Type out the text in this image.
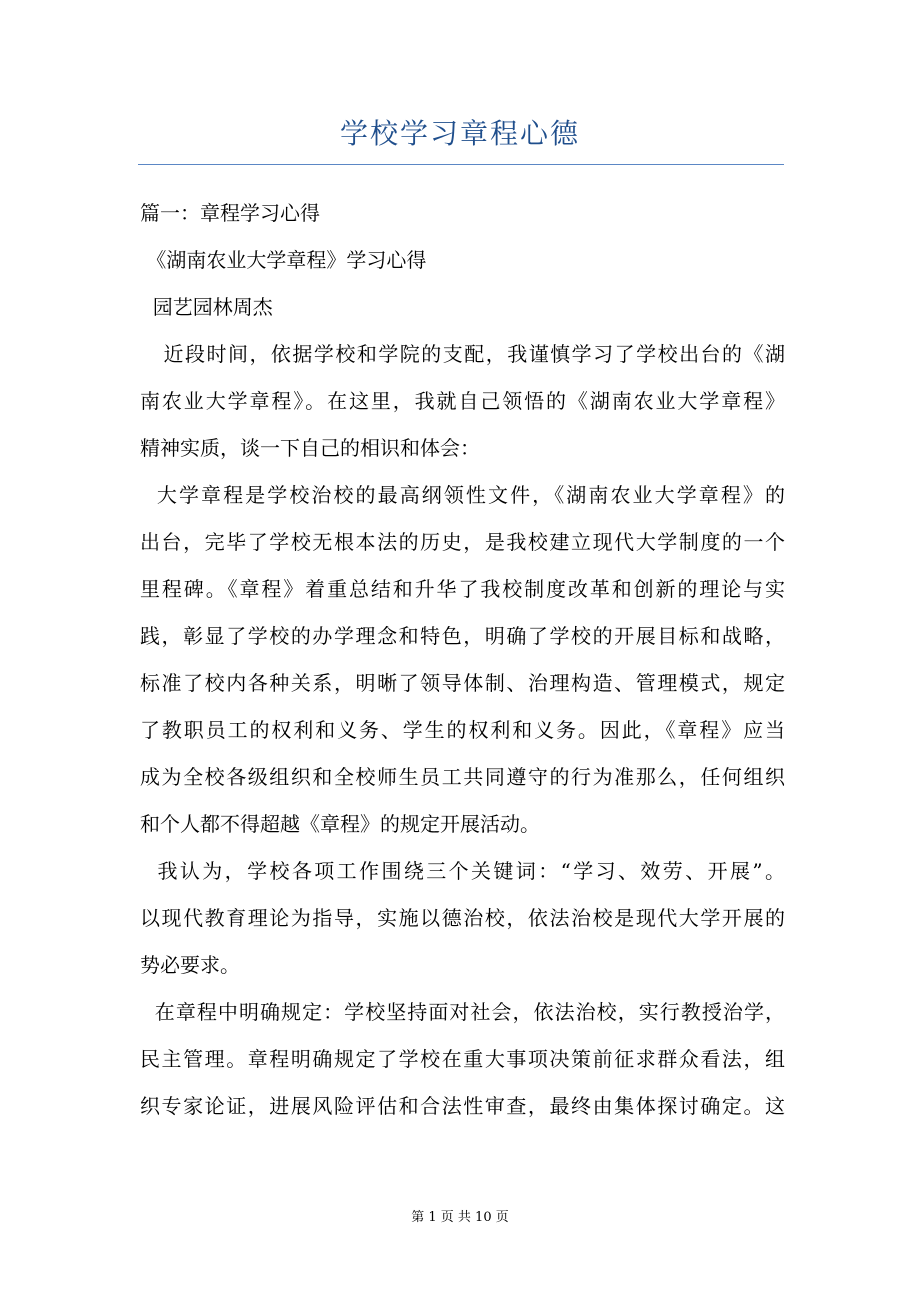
学校学习章程心德
篇一：章程学习心得
《湖南农业大学章程》学习心得
园艺园林周杰
近段时间，依据学校和学院的支配，我谨慎学习了学校出台的《湖
南农业大学章程》。在这里，我就自己领悟的《湖南农业大学章程》
精神实质，谈一下自己的相识和体会：
大学章程是学校治校的最高纲领性文件，《湖南农业大学章程》的
出台，完毕了学校无根本法的历史，是我校建立现代大学制度的一个
里程碑。《章程》着重总结和升华了我校制度改革和创新的理论与实
践，彰显了学校的办学理念和特色，明确了学校的开展目标和战略，
标准了校内各种关系，明晰了领导体制、治理构造、管理模式，规定
了教职员工的权利和义务、学生的权利和义务。因此，《章程》应当
成为全校各级组织和全校师生员工共同遵守的行为准那么，任何组织
和个人都不得超越《章程》的规定开展活动。
我认为，学校各项工作围绕三个关键词：“学习、效劳、开展”。
以现代教育理论为指导，实施以德治校，依法治校是现代大学开展的
势必要求。
在章程中明确规定：学校坚持面对社会，依法治校，实行教授治学，
民主管理。章程明确规定了学校在重大事项决策前征求群众看法，组
织专家论证，进展风险评估和合法性审查，最终由集体探讨确定。这
第 1 页 共 10 页
